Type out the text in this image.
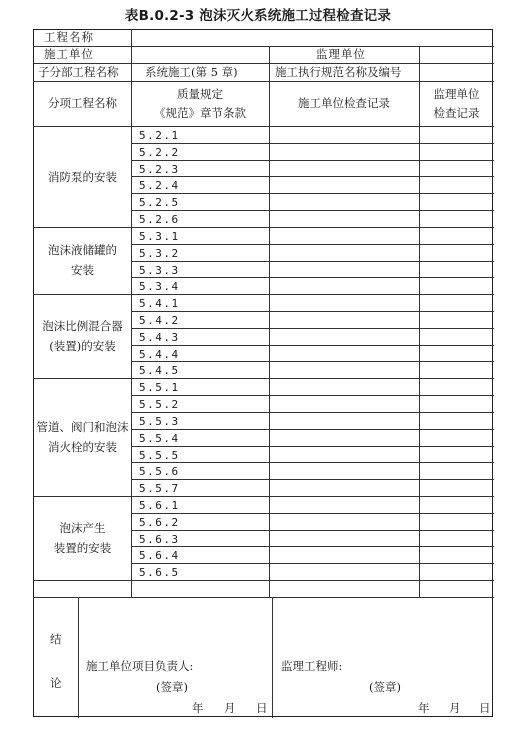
表B.0.2-3 泡沫灭火系统施工过程检查记录
工程名称
施工单位	监理单位
子分部工程名称 系统施工(第 5 章)	施工执行规范名称及编号
分项工程名称
质量规定
《规范》章节条款
施工单位检查记录
监理单位
检查记录
消防泵的安装
泡沫液储罐的
安装
泡沫比例混合器
(装置)的安装
管道、阀门和泡沫
消火栓的安装
泡沫产生
装置的安装
5.2.1
5.2.2
5.2.3
5.2.4
5.2.5
5.2.6
5.3.1
5.3.2
5.3.3
5.3.4
5.4.1
5.4.2
5.4.3
5.4.4
5.4.5
5.5.1
5.5.2
5.5.3
5.5.4
5.5.5
5.5.6
5.5.7
5.6.1
5.6.2
5.6.3
5.6.4
5.6.5
结
论
施工单位项目负责人:
(签章)
年 月 日
监理工程师:
(签章)
年 月 日
